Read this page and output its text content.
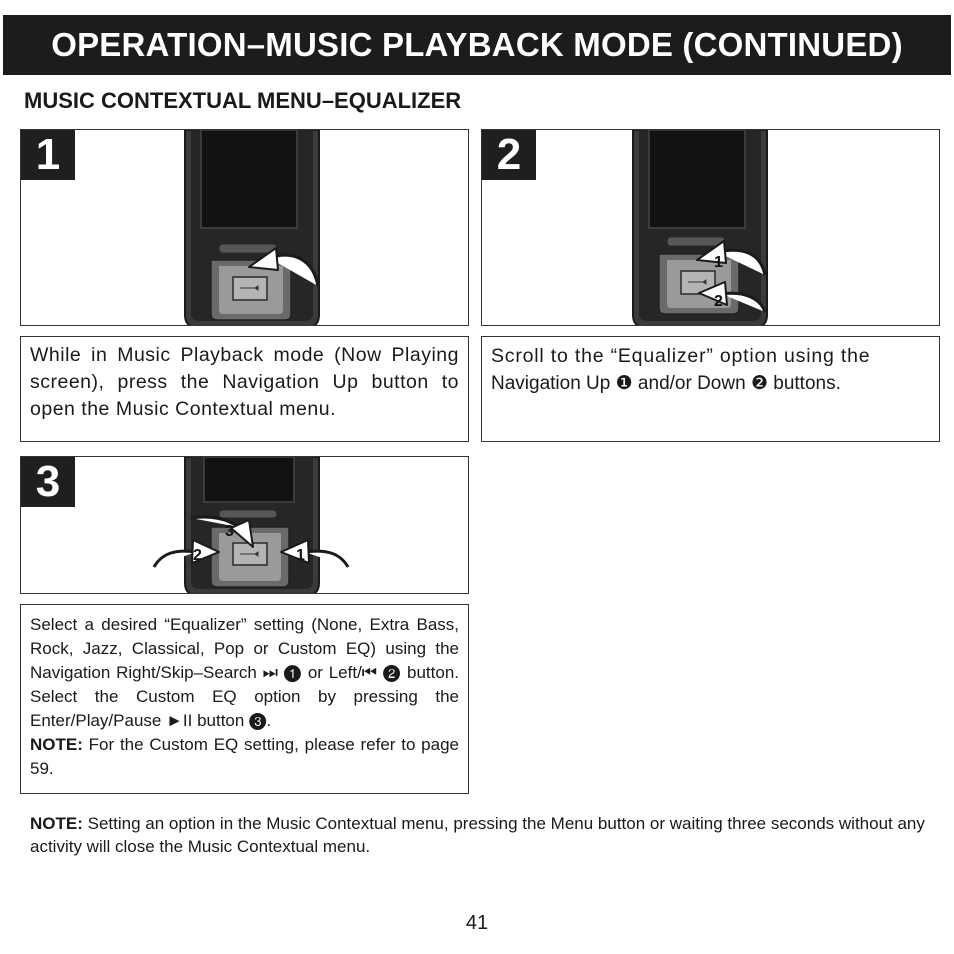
OPERATION–MUSIC PLAYBACK MODE (CONTINUED)
MUSIC CONTEXTUAL MENU–EQUALIZER
1

While in Music Playback mode (Now Playing screen), press the Navigation Up button to open the Music Contextual menu.

1
2
2

Scroll to the “Equalizer” option using the

Navigation Up ❶ and/or Down ❷ buttons.

3
2	1
3

Select a desired “Equalizer” setting (None, Extra Bass, Rock, Jazz, Classical, Pop or Custom EQ) using the Navigation Right/Skip–Search ⏭ ❶ or Left/⏮ ❷ button. Select the Custom EQ option by pressing the Enter/Play/Pause ►II button ❸.

NOTE: For the Custom EQ setting, please refer to page 59.

NOTE: Setting an option in the Music Contextual menu, pressing the Menu button or waiting three seconds without any activity will close the Music Contextual menu.
41
